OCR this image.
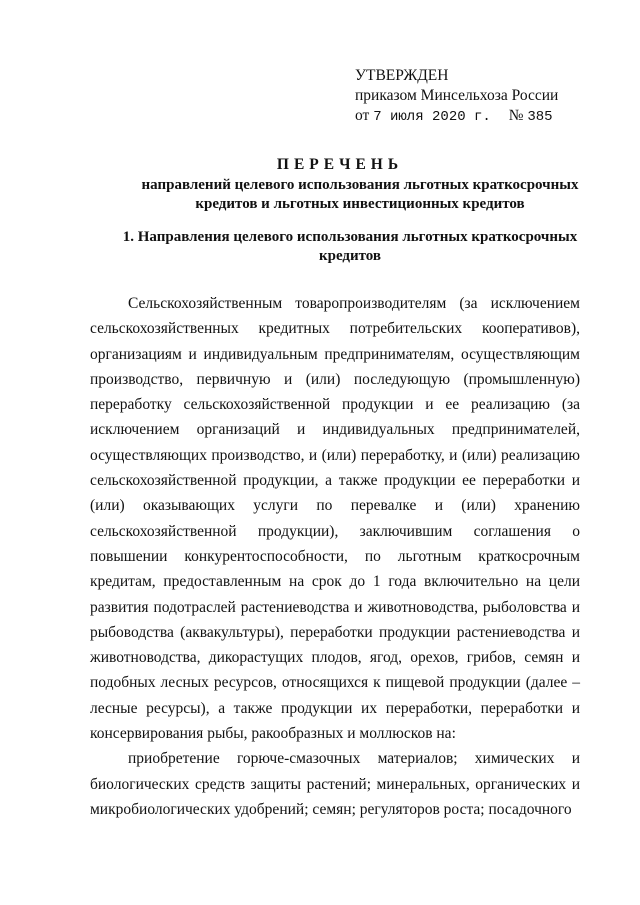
УТВЕРЖДЕН
приказом Минсельхоза России
от 7 июля 2020 г. № 385
ПЕРЕЧЕНЬ
направлений целевого использования льготных краткосрочных
кредитов и льготных инвестиционных кредитов
1. Направления целевого использования льготных краткосрочных
кредитов

Сельскохозяйственным товаропроизводителям (за исключением сельскохозяйственных кредитных потребительских кооперативов), организациям и индивидуальным предпринимателям, осуществляющим производство, первичную и (или) последующую (промышленную) переработку сельскохозяйственной продукции и ее реализацию (за исключением организаций и индивидуальных предпринимателей, осуществляющих производство, и (или) переработку, и (или) реализацию сельскохозяйственной продукции, а также продукции ее переработки и (или) оказывающих услуги по перевалке и (или) хранению сельскохозяйственной продукции), заключившим соглашения о повышении конкурентоспособности, по льготным краткосрочным кредитам, предоставленным на срок до 1 года включительно на цели развития подотраслей растениеводства и животноводства, рыболовства и рыбоводства (аквакультуры), переработки продукции растениеводства и животноводства, дикорастущих плодов, ягод, орехов, грибов, семян и подобных лесных ресурсов, относящихся к пищевой продукции (далее – лесные ресурсы), а также продукции их переработки, переработки и консервирования рыбы, ракообразных и моллюсков на:

приобретение горюче-смазочных материалов; химических и биологических средств защиты растений; минеральных, органических и микробиологических удобрений; семян; регуляторов роста; посадочного
